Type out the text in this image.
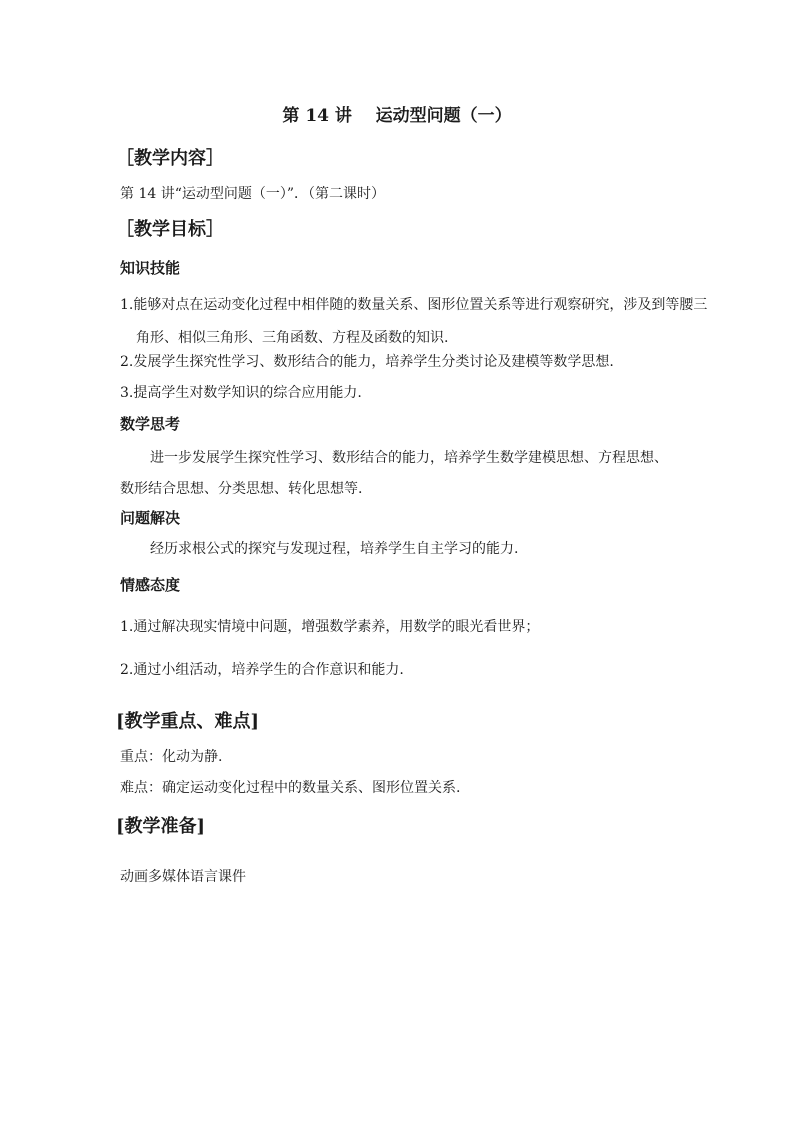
第 14 讲    运动型问题（一）
［教学内容］
第 14 讲“运动型问题（一）”．（第二课时）
［教学目标］
知识技能
1.能够对点在运动变化过程中相伴随的数量关系、图形位置关系等进行观察研究，涉及到等腰三角形、相似三角形、三角函数、方程及函数的知识.
2.发展学生探究性学习、数形结合的能力，培养学生分类讨论及建模等数学思想.
3.提高学生对数学知识的综合应用能力.
数学思考
进一步发展学生探究性学习、数形结合的能力，培养学生数学建模思想、方程思想、数形结合思想、分类思想、转化思想等.
问题解决
经历求根公式的探究与发现过程，培养学生自主学习的能力.
情感态度
1.通过解决现实情境中问题，增强数学素养，用数学的眼光看世界；
2.通过小组活动，培养学生的合作意识和能力.
[教学重点、难点]
重点：化动为静.
难点：确定运动变化过程中的数量关系、图形位置关系.
[教学准备]
动画多媒体语言课件
